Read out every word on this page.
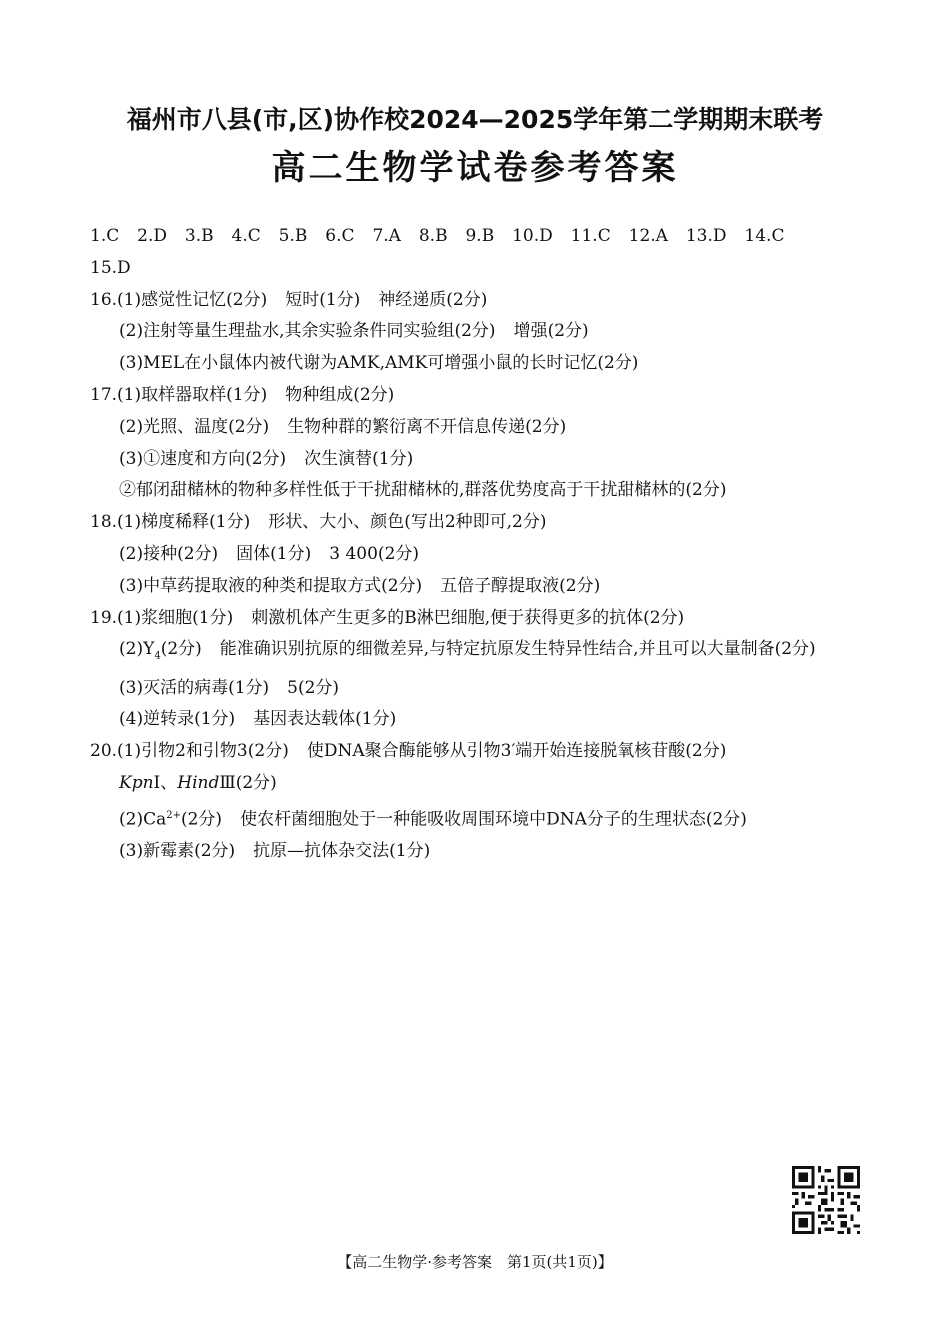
福州市八县(市,区)协作校2024—2025学年第二学期期末联考
高二生物学试卷参考答案
1.C 2.D 3.B 4.C 5.B 6.C 7.A 8.B 9.B 10.D 11.C 12.A 13.D 14.C
15.D
16.(1)感觉性记忆(2分) 短时(1分) 神经递质(2分)
(2)注射等量生理盐水,其余实验条件同实验组(2分) 增强(2分)
(3)MEL在小鼠体内被代谢为AMK,AMK可增强小鼠的长时记忆(2分)
17.(1)取样器取样(1分) 物种组成(2分)
(2)光照、温度(2分) 生物种群的繁衍离不开信息传递(2分)
(3)①速度和方向(2分) 次生演替(1分)
②郁闭甜槠林的物种多样性低于干扰甜槠林的,群落优势度高于干扰甜槠林的(2分)
18.(1)梯度稀释(1分) 形状、大小、颜色(写出2种即可,2分)
(2)接种(2分) 固体(1分) 3 400(2分)
(3)中草药提取液的种类和提取方式(2分) 五倍子醇提取液(2分)
19.(1)浆细胞(1分) 刺激机体产生更多的B淋巴细胞,便于获得更多的抗体(2分)
$(2)Y_4(2$分) 能准确识别抗原的细微差异,与特定抗原发生特异性结合,并且可以大量制备(2分)
(3)灭活的病毒(1分) 5(2分)
(4)逆转录(1分) 基因表达载体(1分)
20.(1)引物2和引物3(2分) 使DNA聚合酶能够从引物3′端开始连接脱氧核苷酸(2分)
KpnⅠ、HindⅢ(2分)
$(2)Ca^{2+}(2$分) 使农杆菌细胞处于一种能吸收周围环境中DNA分子的生理状态(2分)
(3)新霉素(2分) 抗原—抗体杂交法(1分)
【高二生物学·参考答案　第1页(共1页)】
